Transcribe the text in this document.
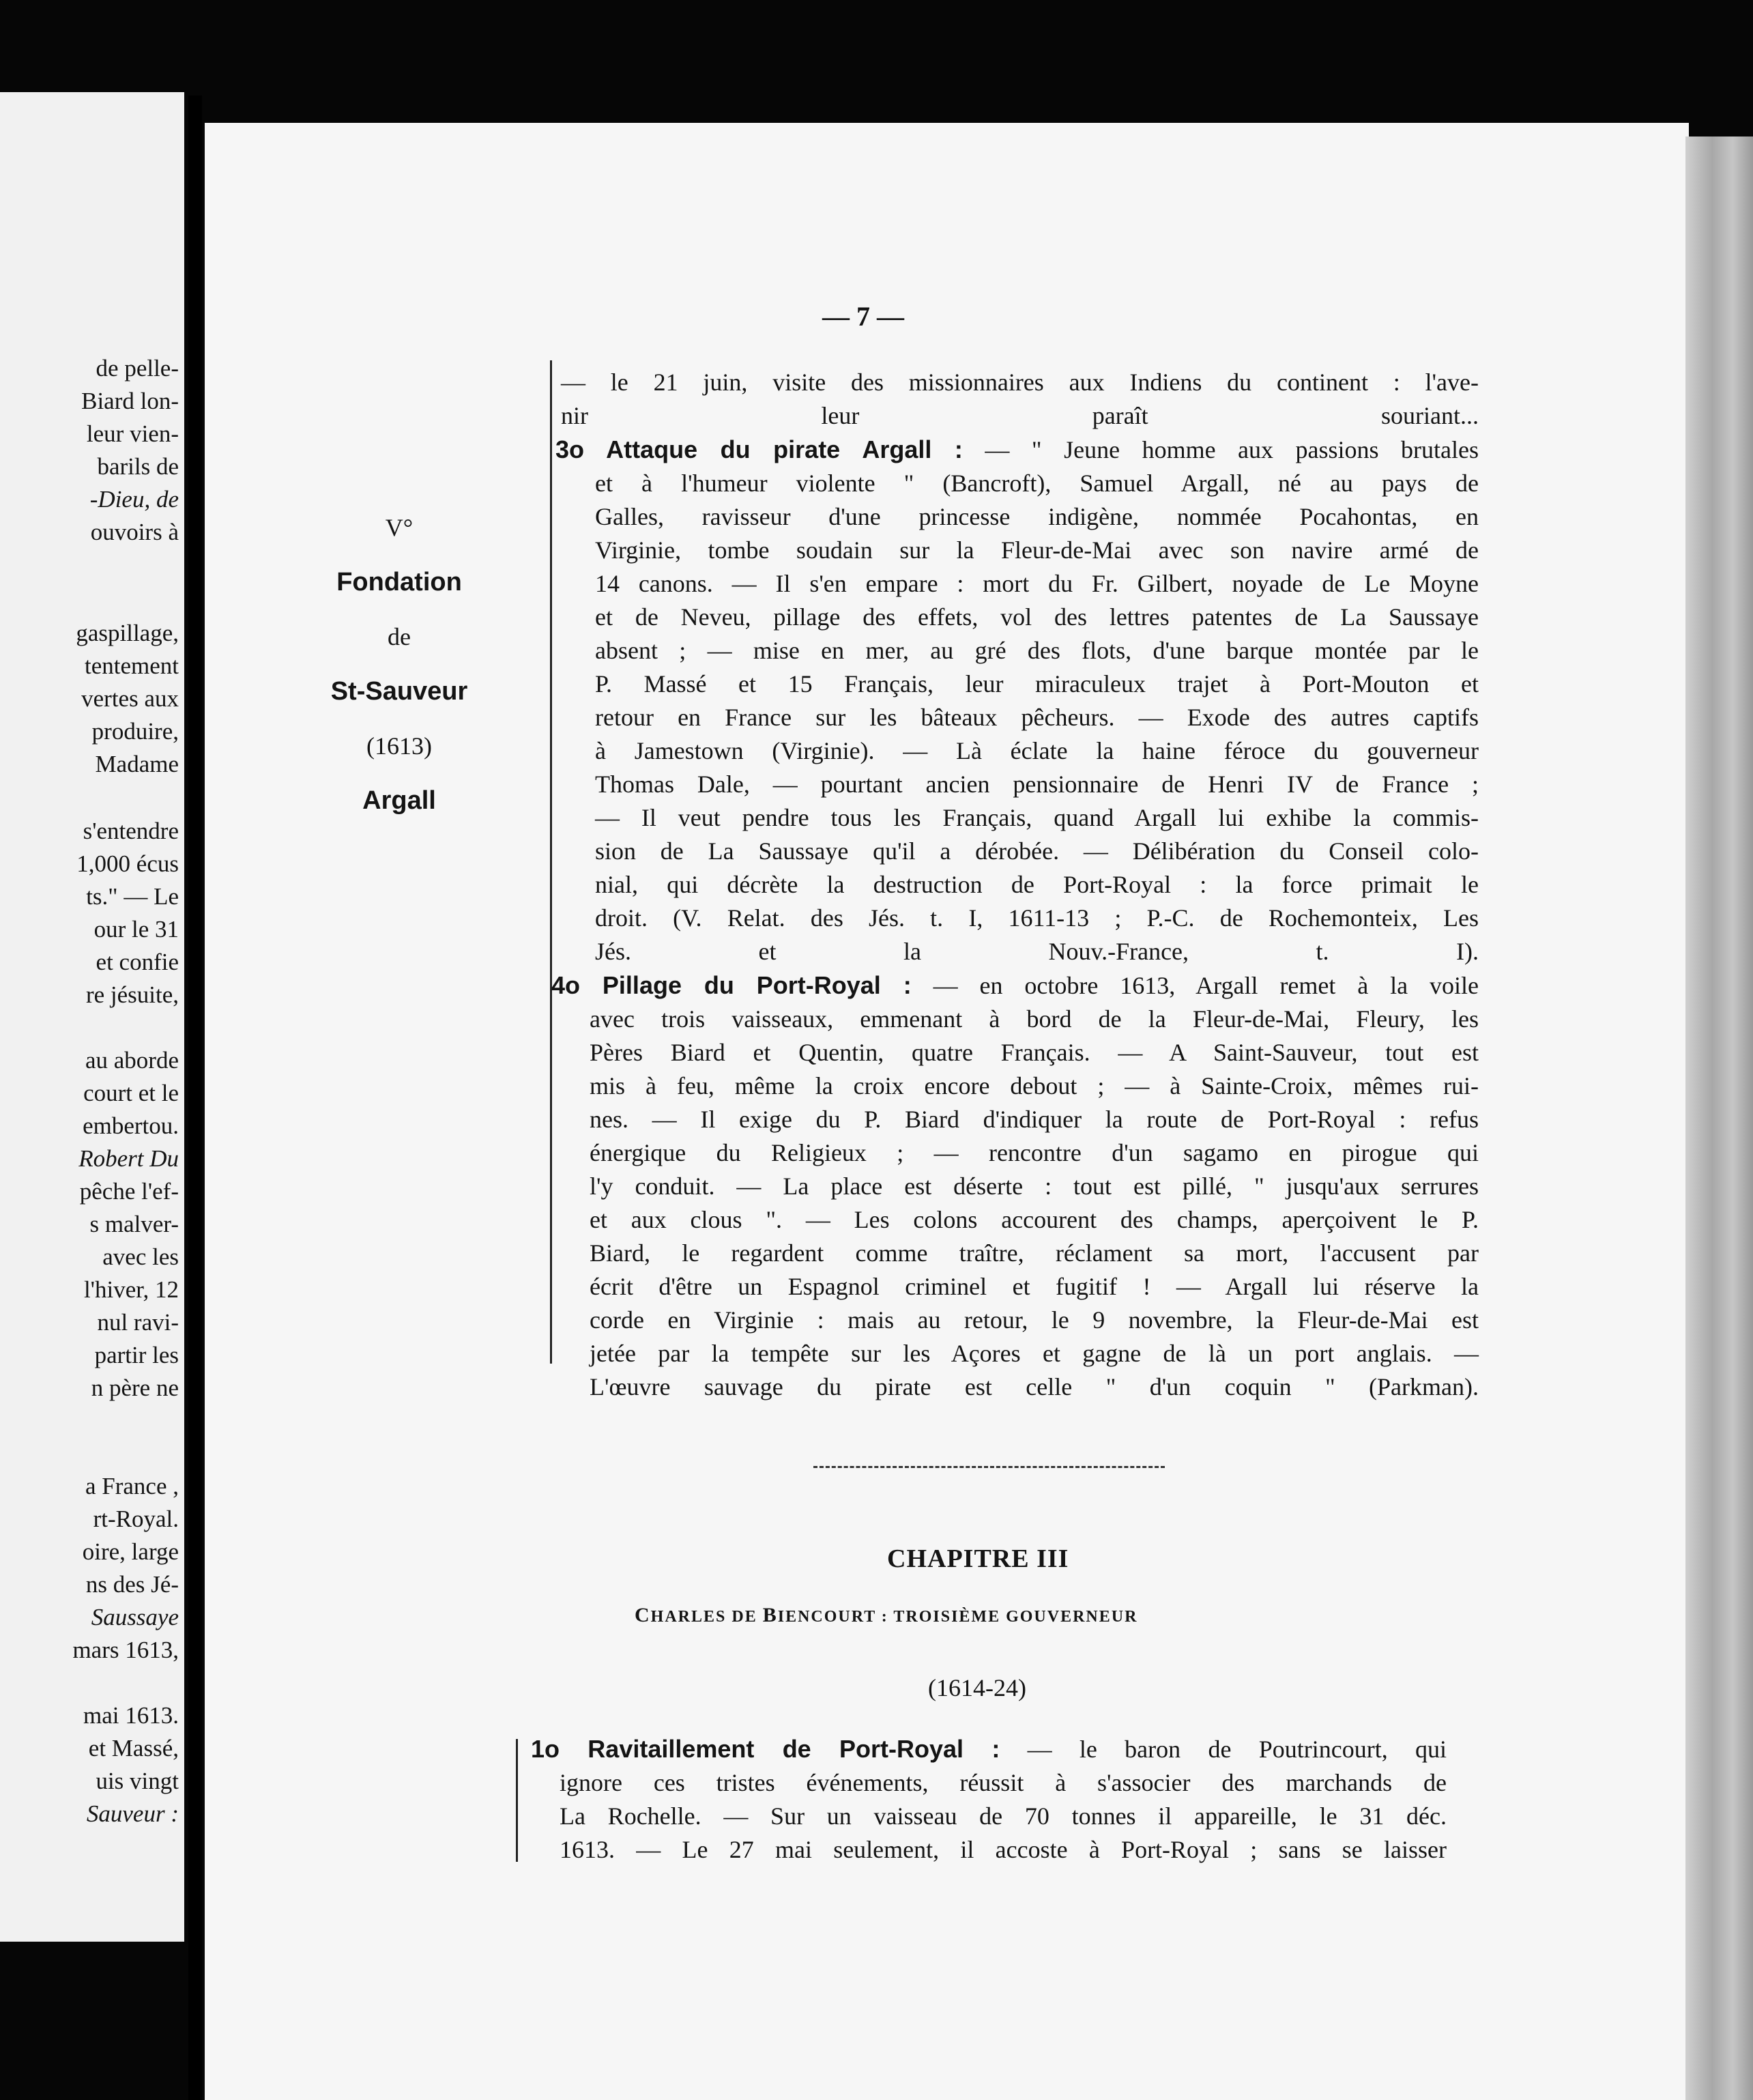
de pelle-
Biard lon-
leur vien-
barils de
-Dieu, de
ouvoirs à
gaspillage,
tentement
vertes aux
produire,
Madame
s'entendre
1,000 écus
ts." — Le
our le 31
et confie
re jésuite,
au aborde
court et le
embertou.
Robert Du
pêche l'ef-
s malver-
avec les
l'hiver, 12
nul ravi-
partir les
n père ne
a France ,
rt-Royal.
oire, large
ns des Jé-
Saussaye
mars 1613,
mai 1613.
et Massé,
uis vingt
Sauveur :
— 7 —
V°
Fondation
de
St-Sauveur
(1613)
Argall
— le 21 juin, visite des missionnaires aux Indiens du continent : l'ave-
nir leur paraît souriant...
3o Attaque du pirate Argall : — " Jeune homme aux passions brutales
et à l'humeur violente " (Bancroft), Samuel Argall, né au pays de
Galles, ravisseur d'une princesse indigène, nommée Pocahontas, en
Virginie, tombe soudain sur la Fleur-de-Mai avec son navire armé de
14 canons. — Il s'en empare : mort du Fr. Gilbert, noyade de Le Moyne
et de Neveu, pillage des effets, vol des lettres patentes de La Saussaye
absent ; — mise en mer, au gré des flots, d'une barque montée par le
P. Massé et 15 Français, leur miraculeux trajet à Port-Mouton et
retour en France sur les bâteaux pêcheurs. — Exode des autres captifs
à Jamestown (Virginie). — Là éclate la haine féroce du gouverneur
Thomas Dale, — pourtant ancien pensionnaire de Henri IV de France ;
— Il veut pendre tous les Français, quand Argall lui exhibe la commis-
sion de La Saussaye qu'il a dérobée. — Délibération du Conseil colo-
nial, qui décrète la destruction de Port-Royal : la force primait le
droit. (V. Relat. des Jés. t. I, 1611-13 ; P.-C. de Rochemonteix, Les
Jés. et la Nouv.-France, t. I).
4o Pillage du Port-Royal : — en octobre 1613, Argall remet à la voile
avec trois vaisseaux, emmenant à bord de la Fleur-de-Mai, Fleury, les
Pères Biard et Quentin, quatre Français. — A Saint-Sauveur, tout est
mis à feu, même la croix encore debout ; — à Sainte-Croix, mêmes rui-
nes. — Il exige du P. Biard d'indiquer la route de Port-Royal : refus
énergique du Religieux ; — rencontre d'un sagamo en pirogue qui
l'y conduit. — La place est déserte : tout est pillé, " jusqu'aux serrures
et aux clous ". — Les colons accourent des champs, aperçoivent le P.
Biard, le regardent comme traître, réclament sa mort, l'accusent par
écrit d'être un Espagnol criminel et fugitif ! — Argall lui réserve la
corde en Virginie : mais au retour, le 9 novembre, la Fleur-de-Mai est
jetée par la tempête sur les Açores et gagne de là un port anglais. —
L'œuvre sauvage du pirate est celle " d'un coquin " (Parkman).
CHAPITRE III
CHARLES DE BIENCOURT : TROISIÈME GOUVERNEUR
(1614-24)
1o Ravitaillement de Port-Royal : — le baron de Poutrincourt, qui
ignore ces tristes événements, réussit à s'associer des marchands de
La Rochelle. — Sur un vaisseau de 70 tonnes il appareille, le 31 déc.
1613. — Le 27 mai seulement, il accoste à Port-Royal ; sans se laisser
